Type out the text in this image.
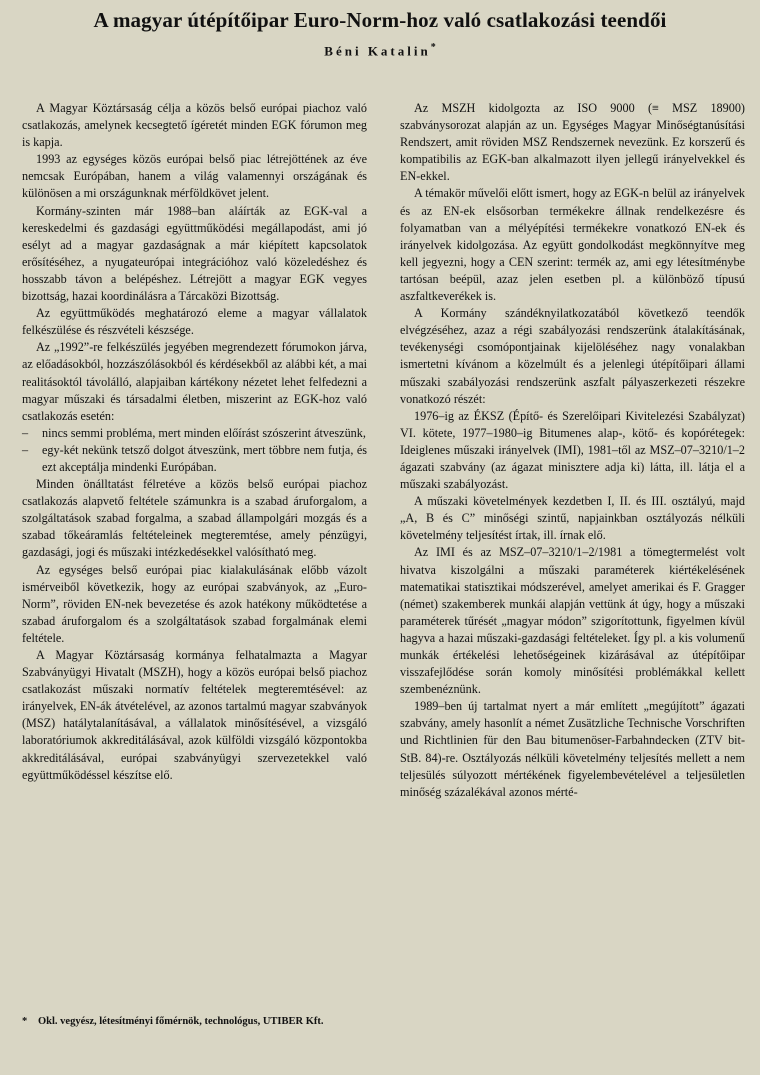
A magyar útépítőipar Euro-Norm-hoz való csatlakozási teendői
Béni Katalin*

A Magyar Köztársaság célja a közös belső európai piachoz való csatlakozás, amelynek kecsegtető ígéretét minden EGK fórumon meg is kapja.

1993 az egységes közös európai belső piac létrejöttének az éve nemcsak Európában, hanem a világ valamennyi országának és különösen a mi országunknak mérföldkövet jelent.

Kormány-szinten már 1988–ban aláírták az EGK-val a kereskedelmi és gazdasági együttműködési megállapodást, ami jó esélyt ad a magyar gazdaságnak a már kiépített kapcsolatok erősítéséhez, a nyugateurópai integrációhoz való közeledéshez és hosszabb távon a belépéshez. Létrejött a magyar EGK vegyes bizottság, hazai koordinálásra a Tárcaközi Bizottság.

Az együttműködés meghatározó eleme a magyar vállalatok felkészülése és részvételi készsége.

Az „1992”-re felkészülés jegyében megrendezett fórumokon járva, az előadásokból, hozzászólásokból és kérdésekből az alábbi két, a mai realitásoktól távolálló, alapjaiban kártékony nézetet lehet felfedezni a magyar műszaki és társadalmi életben, miszerint az EGK-hoz való csatlakozás esetén:

– nincs semmi probléma, mert minden előírást szószerint átveszünk,
– egy-két nekünk tetsző dolgot átveszünk, mert többre nem futja, és ezt akceptálja mindenki Európában.

Minden önálltatást félretéve a közös belső európai piachoz csatlakozás alapvető feltétele számunkra is a szabad áruforgalom, a szolgáltatások szabad forgalma, a szabad állampolgári mozgás és a szabad tőkeáramlás feltételeinek megteremtése, amely pénzügyi, gazdasági, jogi és műszaki intézkedésekkel valósítható meg.

Az egységes belső európai piac kialakulásának előbb vázolt ismérveiből következik, hogy az európai szabványok, az „Euro-Norm”, röviden EN-nek bevezetése és azok hatékony működtetése a szabad áruforgalom és a szolgáltatások szabad forgalmának elemi feltétele.

A Magyar Köztársaság kormánya felhatalmazta a Magyar Szabványügyi Hivatalt (MSZH), hogy a közös európai belső piachoz csatlakozást műszaki normatív feltételek megteremtésével: az irányelvek, EN-ák átvételével, az azonos tartalmú magyar szabványok (MSZ) hatálytalanításával, a vállalatok minősítésével, a vizsgáló laboratóriumok akkreditálásával, azok külföldi vizsgáló központokba akkreditálásával, európai szabványügyi szervezetekkel való együttműködéssel készítse elő.

Az MSZH kidolgozta az ISO 9000 (≡ MSZ 18900) szabványsorozat alapján az un. Egységes Magyar Minőségtanúsítási Rendszert, amit röviden MSZ Rendszernek nevezünk. Ez korszerű és kompatibilis az EGK-ban alkalmazott ilyen jellegű irányelvekkel és EN-ekkel.

A témakör művelői előtt ismert, hogy az EGK-n belül az irányelvek és az EN-ek elsősorban termékekre állnak rendelkezésre és folyamatban van a mélyépítési termékekre vonatkozó EN-ek és irányelvek kidolgozása. Az együtt gondolkodást megkönnyítve meg kell jegyezni, hogy a CEN szerint: termék az, ami egy létesítménybe tartósan beépül, azaz jelen esetben pl. a különböző típusú aszfaltkeverékek is.

A Kormány szándéknyilatkozatából következő teendők elvégzéséhez, azaz a régi szabályozási rendszerünk átalakításának, tevékenységi csomópontjainak kijelöléséhez nagy vonalakban ismertetni kívánom a közelmúlt és a jelenlegi útépítőipari állami műszaki szabályozási rendszerünk aszfalt pályaszerkezeti részekre vonatkozó részét:

1976–ig az ÉKSZ (Építő- és Szerelőipari Kivitelezési Szabályzat) VI. kötete, 1977–1980–ig Bitumenes alap-, kötő- és kopórétegek: Ideiglenes műszaki irányelvek (IMI), 1981–től az MSZ–07–3210/1–2 ágazati szabvány (az ágazat minisztere adja ki) látta, ill. látja el a műszaki szabályozást.

A műszaki követelmények kezdetben I, II. és III. osztályú, majd „A, B és C” minőségi szintű, napjainkban osztályozás nélküli követelmény teljesítést írtak, ill. írnak elő.

Az IMI és az MSZ–07–3210/1–2/1981 a tömegtermelést volt hivatva kiszolgálni a műszaki paraméterek kiértékelésének matematikai statisztikai módszerével, amelyet amerikai és F. Gragger (német) szakemberek munkái alapján vettünk át úgy, hogy a műszaki paraméterek tűrését „magyar módon” szigorítottunk, figyelmen kívül hagyva a hazai műszaki-gazdasági feltételeket. Így pl. a kis volumenű munkák értékelési lehetőségeinek kizárásával az útépítőipar visszafejlődése során komoly minősítési problémákkal kellett szembenéznünk.

1989–ben új tartalmat nyert a már említett „megújított” ágazati szabvány, amely hasonlít a német Zusätzliche Technische Vorschriften und Richtlinien für den Bau bitumenöser-Farbahndecken (ZTV bit-StB. 84)-re. Osztályozás nélküli követelmény teljesítés mellett a nem teljesülés súlyozott mértékének figyelembevételével a teljesületlen minőség százalékával azonos mérté-

* Okl. vegyész, létesítményi főmérnök, technológus, UTIBER Kft.
